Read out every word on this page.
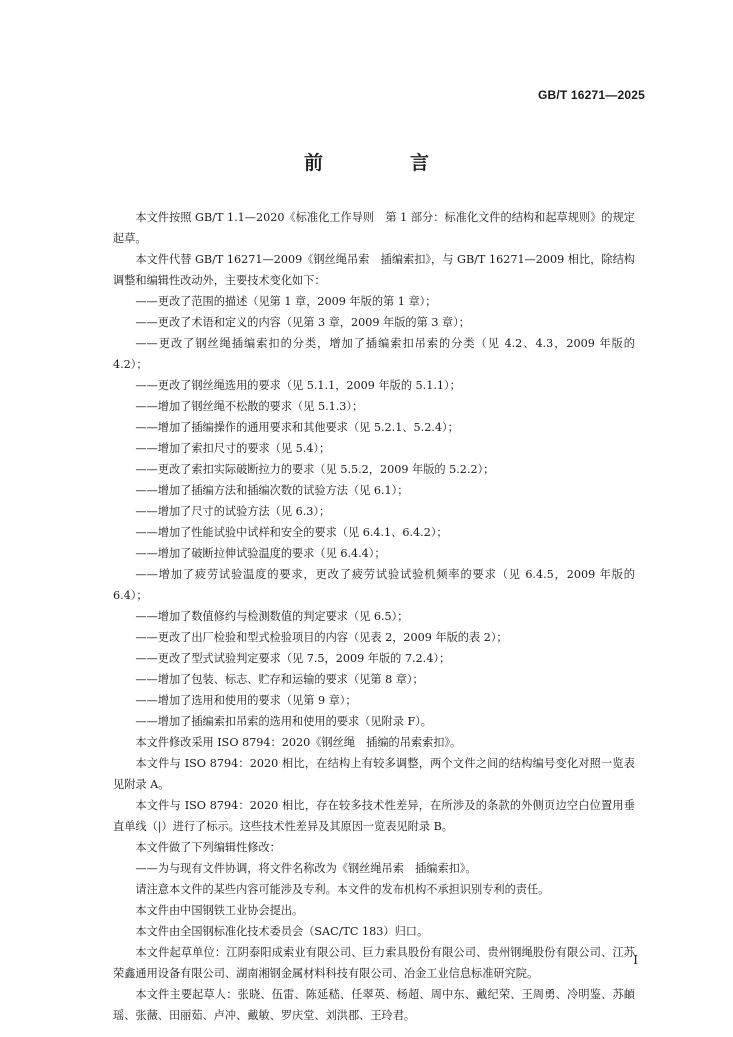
GB/T 16271—2025
前　言

本文件按照 GB/T 1.1—2020《标准化工作导则　第 1 部分：标准化文件的结构和起草规则》的规定起草。

本文件代替 GB/T 16271—2009《钢丝绳吊索　插编索扣》，与 GB/T 16271—2009 相比，除结构调整和编辑性改动外，主要技术变化如下：

——更改了范围的描述（见第 1 章，2009 年版的第 1 章）；

——更改了术语和定义的内容（见第 3 章，2009 年版的第 3 章）；

——更改了钢丝绳插编索扣的分类，增加了插编索扣吊索的分类（见 4.2、4.3，2009 年版的 4.2）；

——更改了钢丝绳选用的要求（见 5.1.1，2009 年版的 5.1.1）；

——增加了钢丝绳不松散的要求（见 5.1.3）；

——增加了插编操作的通用要求和其他要求（见 5.2.1、5.2.4）；

——增加了索扣尺寸的要求（见 5.4）；

——更改了索扣实际破断拉力的要求（见 5.5.2，2009 年版的 5.2.2）；

——增加了插编方法和插编次数的试验方法（见 6.1）；

——增加了尺寸的试验方法（见 6.3）；

——增加了性能试验中试样和安全的要求（见 6.4.1、6.4.2）；

——增加了破断拉伸试验温度的要求（见 6.4.4）；

——增加了疲劳试验温度的要求，更改了疲劳试验试验机频率的要求（见 6.4.5，2009 年版的 6.4）；

——增加了数值修约与检测数值的判定要求（见 6.5）；

——更改了出厂检验和型式检验项目的内容（见表 2，2009 年版的表 2）；

——更改了型式试验判定要求（见 7.5，2009 年版的 7.2.4）；

——增加了包装、标志、贮存和运输的要求（见第 8 章）；

——增加了选用和使用的要求（见第 9 章）；

——增加了插编索扣吊索的选用和使用的要求（见附录 F）。

本文件修改采用 ISO 8794：2020《钢丝绳　插编的吊索索扣》。

本文件与 ISO 8794：2020 相比，在结构上有较多调整，两个文件之间的结构编号变化对照一览表见附录 A。

本文件与 ISO 8794：2020 相比，存在较多技术性差异，在所涉及的条款的外侧页边空白位置用垂直单线（|）进行了标示。这些技术性差异及其原因一览表见附录 B。

本文件做了下列编辑性修改：

——为与现有文件协调，将文件名称改为《钢丝绳吊索　插编索扣》。

请注意本文件的某些内容可能涉及专利。本文件的发布机构不承担识别专利的责任。

本文件由中国钢铁工业协会提出。

本文件由全国钢标准化技术委员会（SAC/TC 183）归口。

本文件起草单位：江阴泰阳成索业有限公司、巨力索具股份有限公司、贵州钢绳股份有限公司、江苏荣鑫通用设备有限公司、湖南湘钢金属材料科技有限公司、冶金工业信息标准研究院。

本文件主要起草人：张晓、伍雷、陈延嵇、任翠英、杨超、周中东、戴纪荣、王周勇、冷明鉴、苏頔瑶、张薇、田丽茹、卢冲、戴敏、罗庆堂、刘洪郡、王玲君。

I
